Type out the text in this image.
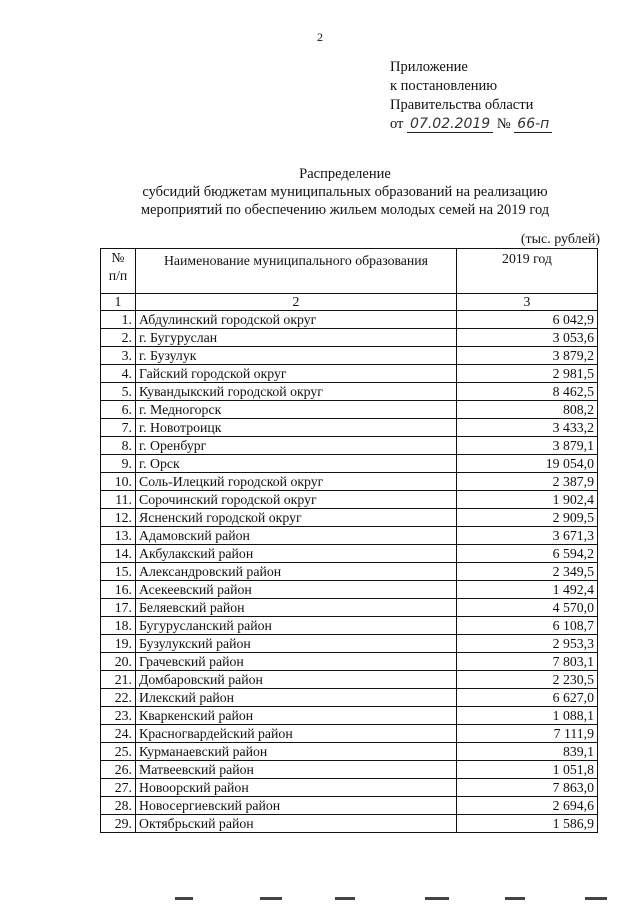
2
Приложение
к постановлению
Правительства области
от 07.02.2019 № 66-п
Распределение
субсидий бюджетам муниципальных образований на реализацию
мероприятий по обеспечению жильем молодых семей на 2019 год
(тыс. рублей)
№ п/п	Наименование муниципального образования	2019 год
1	2	3
1.	Абдулинский городской округ	6 042,9
2.	г. Бугуруслан	3 053,6
3.	г. Бузулук	3 879,2
4.	Гайский городской округ	2 981,5
5.	Кувандыкский городской округ	8 462,5
6.	г. Медногорск	808,2
7.	г. Новотроицк	3 433,2
8.	г. Оренбург	3 879,1
9.	г. Орск	19 054,0
10.	Соль-Илецкий городской округ	2 387,9
11.	Сорочинский городской округ	1 902,4
12.	Ясненский городской округ	2 909,5
13.	Адамовский район	3 671,3
14.	Акбулакский район	6 594,2
15.	Александровский район	2 349,5
16.	Асекеевский район	1 492,4
17.	Беляевский район	4 570,0
18.	Бугурусланский район	6 108,7
19.	Бузулукский район	2 953,3
20.	Грачевский район	7 803,1
21.	Домбаровский район	2 230,5
22.	Илекский район	6 627,0
23.	Кваркенский район	1 088,1
24.	Красногвардейский район	7 111,9
25.	Курманаевский район	839,1
26.	Матвеевский район	1 051,8
27.	Новоорский район	7 863,0
28.	Новосергиевский район	2 694,6
29.	Октябрьский район	1 586,9
